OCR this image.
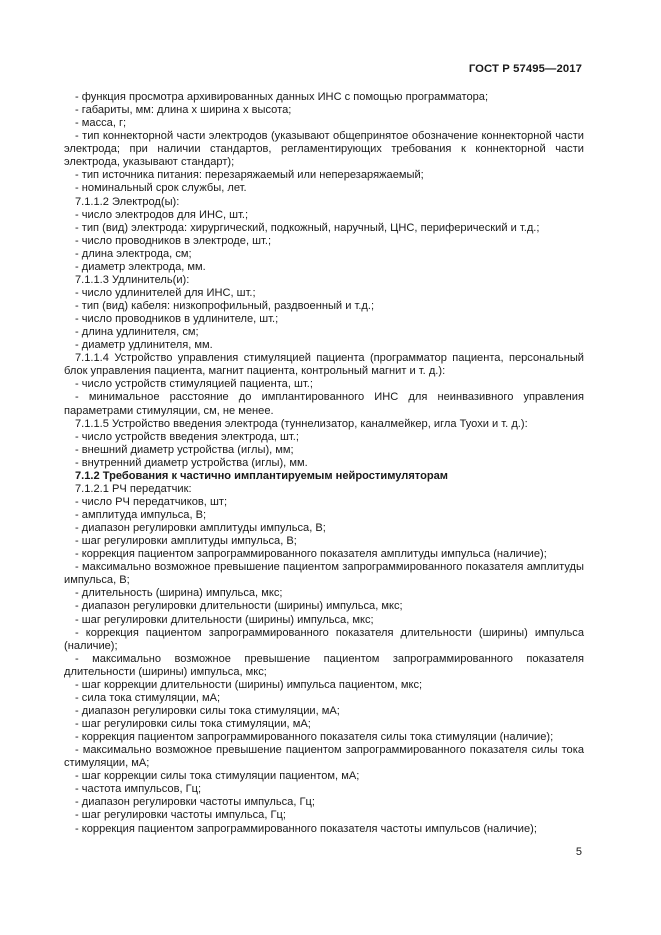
ГОСТ Р 57495—2017

- функция просмотра архивированных данных ИНС с помощью программатора;

- габариты, мм: длина х ширина х высота;

- масса, г;

- тип коннекторной части электродов (указывают общепринятое обозначение коннекторной части электрода; при наличии стандартов, регламентирующих требования к коннекторной части электрода, указывают стандарт);

- тип источника питания: перезаряжаемый или неперезаряжаемый;

- номинальный срок службы, лет.

7.1.1.2 Электрод(ы):

- число электродов для ИНС, шт.;

- тип (вид) электрода: хирургический, подкожный, наручный, ЦНС, периферический и т.д.;

- число проводников в электроде, шт.;

- длина электрода, см;

- диаметр электрода, мм.

7.1.1.3 Удлинитель(и):

- число удлинителей для ИНС, шт.;

- тип (вид) кабеля: низкопрофильный, раздвоенный и т.д.;

- число проводников в удлинителе, шт.;

- длина удлинителя, см;

- диаметр удлинителя, мм.

7.1.1.4 Устройство управления стимуляцией пациента (программатор пациента, персональный блок управления пациента, магнит пациента, контрольный магнит и т. д.):

- число устройств стимуляцией пациента, шт.;

- минимальное расстояние до имплантированного ИНС для неинвазивного управления параметрами стимуляции, см, не менее.

7.1.1.5 Устройство введения электрода (туннелизатор, каналмейкер, игла Туохи и т. д.):

- число устройств введения электрода, шт.;

- внешний диаметр устройства (иглы), мм;

- внутренний диаметр устройства (иглы), мм.

7.1.2 Требования к частично имплантируемым нейростимуляторам

7.1.2.1 РЧ передатчик:

- число РЧ передатчиков, шт;

- амплитуда импульса, В;

- диапазон регулировки амплитуды импульса, В;

- шаг регулировки амплитуды импульса, В;

- коррекция пациентом запрограммированного показателя амплитуды импульса (наличие);

- максимально возможное превышение пациентом запрограммированного показателя амплитуды импульса, В;

- длительность (ширина) импульса, мкс;

- диапазон регулировки длительности (ширины) импульса, мкс;

- шаг регулировки длительности (ширины) импульса, мкс;

- коррекция пациентом запрограммированного показателя длительности (ширины) импульса (наличие);

- максимально возможное превышение пациентом запрограммированного показателя длительности (ширины) импульса, мкс;

- шаг коррекции длительности (ширины) импульса пациентом, мкс;

- сила тока стимуляции, мА;

- диапазон регулировки силы тока стимуляции, мА;

- шаг регулировки силы тока стимуляции, мА;

- коррекция пациентом запрограммированного показателя силы тока стимуляции (наличие);

- максимально возможное превышение пациентом запрограммированного показателя силы тока стимуляции, мА;

- шаг коррекции силы тока стимуляции пациентом, мА;

- частота импульсов, Гц;

- диапазон регулировки частоты импульса, Гц;

- шаг регулировки частоты импульса, Гц;

- коррекция пациентом запрограммированного показателя частоты импульсов (наличие);

5
